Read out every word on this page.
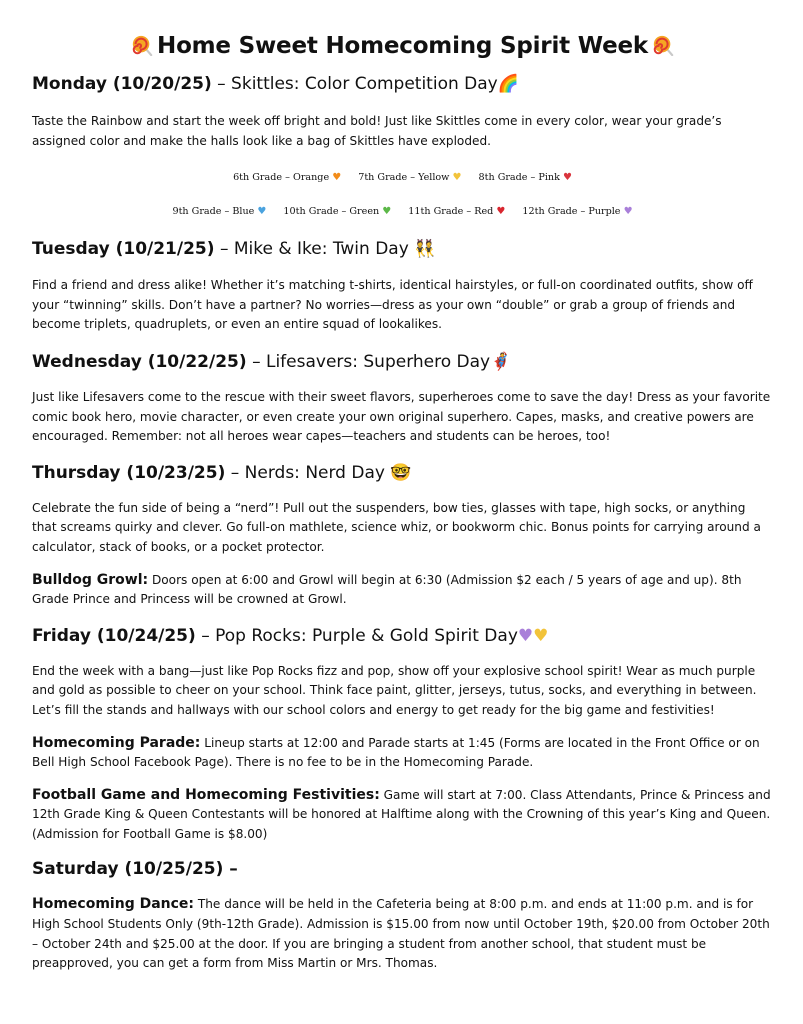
Home Sweet Homecoming Spirit Week
Monday (10/20/25) – Skittles: Color Competition Day🌈

Taste the Rainbow and start the week off bright and bold! Just like Skittles come in every color, wear your grade’s assigned color and make the halls look like a bag of Skittles have exploded.

6th Grade – Orange ♥ 7th Grade – Yellow ♥ 8th Grade – Pink ♥

9th Grade – Blue ♥ 10th Grade – Green ♥ 11th Grade – Red ♥ 12th Grade – Purple ♥

Tuesday (10/21/25) – Mike & Ike: Twin Day 👯

Find a friend and dress alike! Whether it’s matching t-shirts, identical hairstyles, or full-on coordinated outfits, show off your “twinning” skills. Don’t have a partner? No worries—dress as your own “double” or grab a group of friends and become triplets, quadruplets, or even an entire squad of lookalikes.

Wednesday (10/22/25) – Lifesavers: Superhero Day🦸

Just like Lifesavers come to the rescue with their sweet flavors, superheroes come to save the day! Dress as your favorite comic book hero, movie character, or even create your own original superhero. Capes, masks, and creative powers are encouraged. Remember: not all heroes wear capes—teachers and students can be heroes, too!

Thursday (10/23/25) – Nerds: Nerd Day 🤓

Celebrate the fun side of being a “nerd”! Pull out the suspenders, bow ties, glasses with tape, high socks, or anything that screams quirky and clever. Go full-on mathlete, science whiz, or bookworm chic. Bonus points for carrying around a calculator, stack of books, or a pocket protector.

Bulldog Growl: Doors open at 6:00 and Growl will begin at 6:30 (Admission $2 each / 5 years of age and up). 8th Grade Prince and Princess will be crowned at Growl.

Friday (10/24/25) – Pop Rocks: Purple & Gold Spirit Day♥♥

End the week with a bang—just like Pop Rocks fizz and pop, show off your explosive school spirit! Wear as much purple and gold as possible to cheer on your school. Think face paint, glitter, jerseys, tutus, socks, and everything in between. Let’s fill the stands and hallways with our school colors and energy to get ready for the big game and festivities!

Homecoming Parade: Lineup starts at 12:00 and Parade starts at 1:45 (Forms are located in the Front Office or on Bell High School Facebook Page). There is no fee to be in the Homecoming Parade.

Football Game and Homecoming Festivities: Game will start at 7:00. Class Attendants, Prince & Princess and 12th Grade King & Queen Contestants will be honored at Halftime along with the Crowning of this year’s King and Queen. (Admission for Football Game is $8.00)

Saturday (10/25/25) –

Homecoming Dance: The dance will be held in the Cafeteria being at 8:00 p.m. and ends at 11:00 p.m. and is for High School Students Only (9th-12th Grade). Admission is $15.00 from now until October 19th, $20.00 from October 20th – October 24th and $25.00 at the door. If you are bringing a student from another school, that student must be preapproved, you can get a form from Miss Martin or Mrs. Thomas.
